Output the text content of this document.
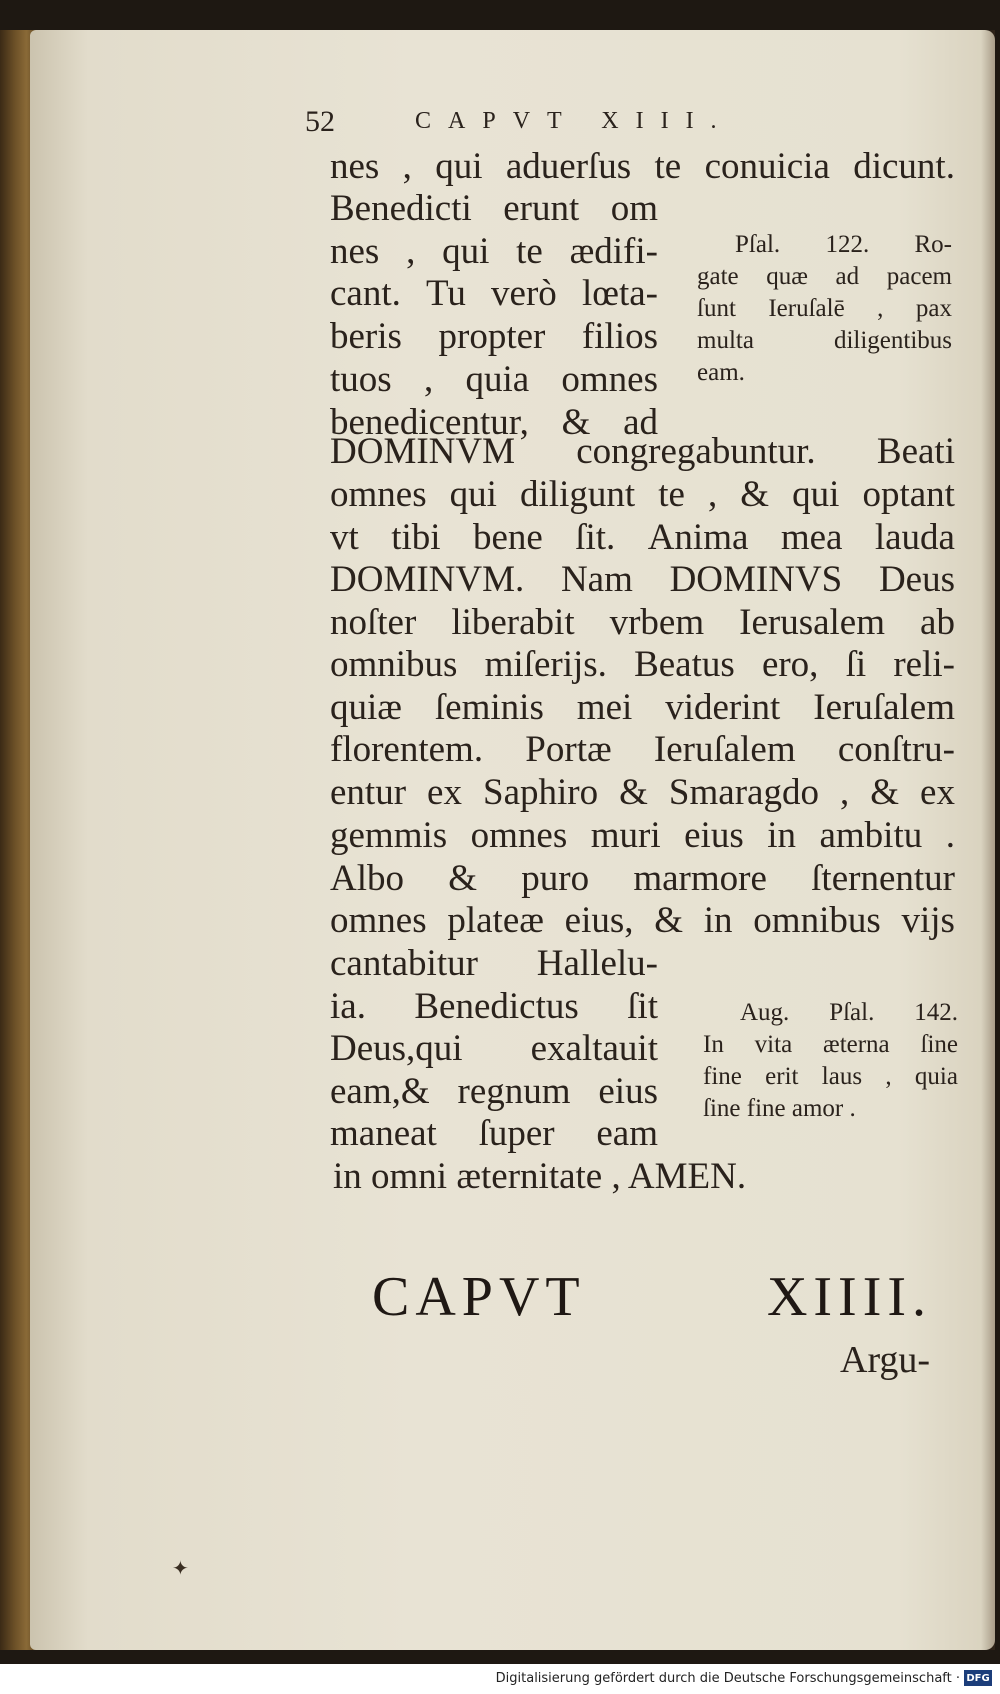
52	CAPVT XIII.
nes , qui aduerſus te conuicia dicunt.
Benedicti erunt om
nes , qui te ædifi-
cant. Tu verò lœta-
beris propter filios
tuos , quia omnes
benedicentur, & ad
DOMINVM congregabuntur. Beati
omnes qui diligunt te , & qui optant
vt tibi bene ſit. Anima mea lauda
DOMINVM. Nam DOMINVS Deus
noſter liberabit vrbem Ierusalem ab
omnibus miſerijs. Beatus ero, ſi reli-
quiæ ſeminis mei viderint Ieruſalem
florentem. Portæ Ieruſalem conſtru-
entur ex Saphiro & Smaragdo , & ex
gemmis omnes muri eius in ambitu .
Albo & puro marmore ſternentur
omnes plateæ eius, & in omnibus vijs
cantabitur Hallelu-
ia. Benedictus ſit
Deus,qui exaltauit
eam,& regnum eius
maneat ſuper eam
in omni æternitate , AMEN.
Pſal. 122. Ro-
gate quæ ad pacem
ſunt Ieruſalē , pax
multa	diligentibus
eam.
Aug. Pſal. 142.
In vita æterna ſine
fine erit laus , quia
ſine fine amor .
CAPVT	XIIII.
Argu-
✦
Digitalisierung gefördert durch die Deutsche Forschungsgemeinschaft · DFG
